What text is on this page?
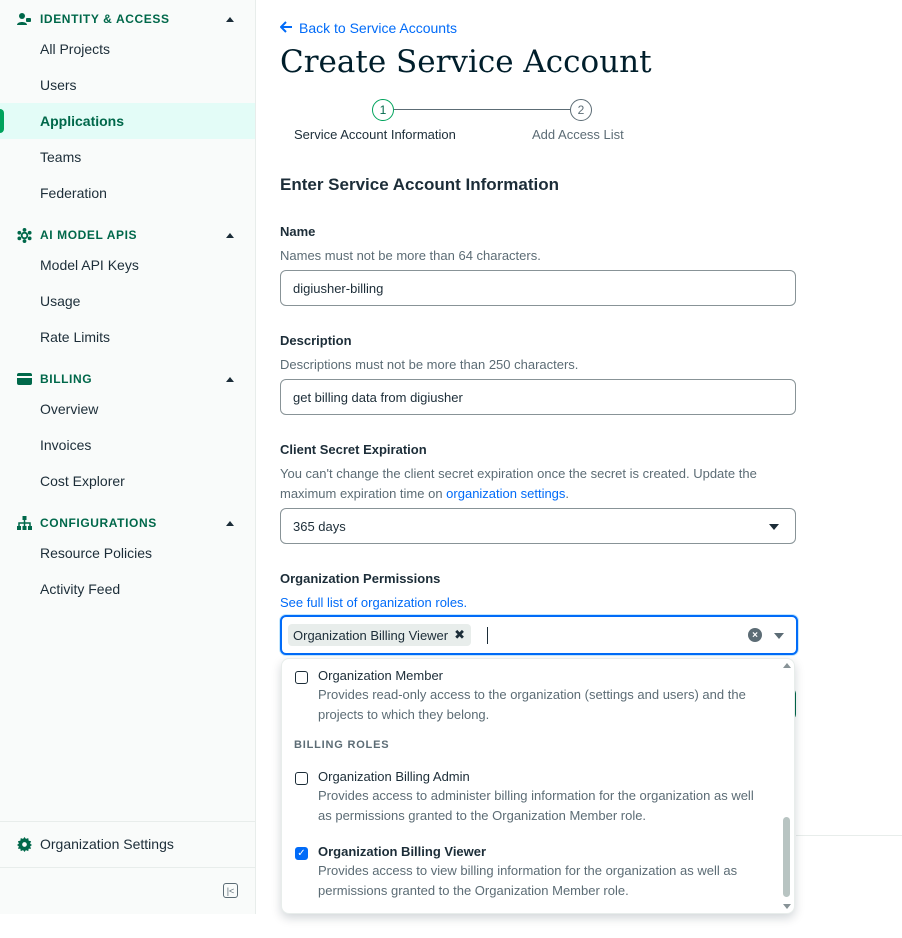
IDENTITY & ACCESS
All Projects
Users
Applications
Teams
Federation
AI MODEL APIS
Model API Keys
Usage
Rate Limits
BILLING
Overview
Invoices
Cost Explorer
CONFIGURATIONS
Resource Policies
Activity Feed
Organization Settings
|<
Back to Service Accounts
Create Service Account
1	2
Service Account Information	Add Access List
Enter Service Account Information
Name
Names must not be more than 64 characters.
digiusher-billing
Description
Descriptions must not be more than 250 characters.
get billing data from digiusher
Client Secret Expiration
You can't change the client secret expiration once the secret is created. Update the maximum expiration time on organization settings.
365 days
Organization Permissions
See full list of organization roles.
Organization Billing Viewer ✖	×
Organization Member
Provides read-only access to the organization (settings and users) and the projects to which they belong.
BILLING ROLES
Organization Billing Admin
Provides access to administer billing information for the organization as well as permissions granted to the Organization Member role.
✓ Organization Billing Viewer
Provides access to view billing information for the organization as well as permissions granted to the Organization Member role.
